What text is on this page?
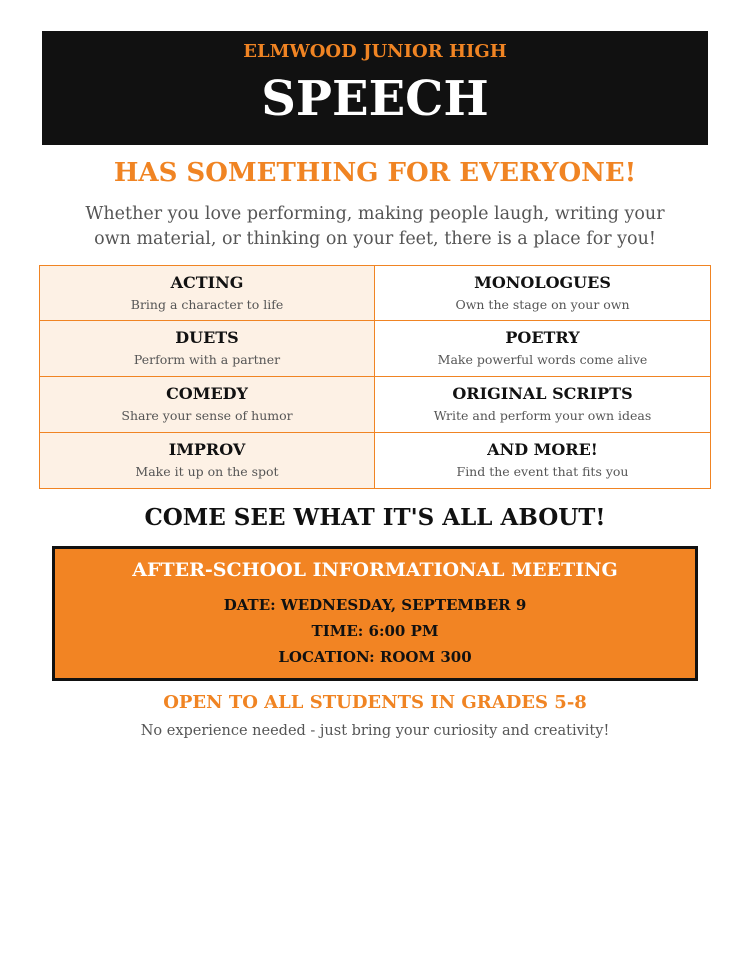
ELMWOOD JUNIOR HIGH
SPEECH
HAS SOMETHING FOR EVERYONE!
Whether you love performing, making people laugh, writing your own material, or thinking on your feet, there is a place for you!
ACTING
Bring a character to life
MONOLOGUES
Own the stage on your own
DUETS
Perform with a partner
POETRY
Make powerful words come alive
COMEDY
Share your sense of humor
ORIGINAL SCRIPTS
Write and perform your own ideas
IMPROV
Make it up on the spot
AND MORE!
Find the event that fits you
COME SEE WHAT IT'S ALL ABOUT!
AFTER-SCHOOL INFORMATIONAL MEETING
DATE: WEDNESDAY, SEPTEMBER 9
TIME: 6:00 PM
LOCATION: ROOM 300
OPEN TO ALL STUDENTS IN GRADES 5-8
No experience needed - just bring your curiosity and creativity!
